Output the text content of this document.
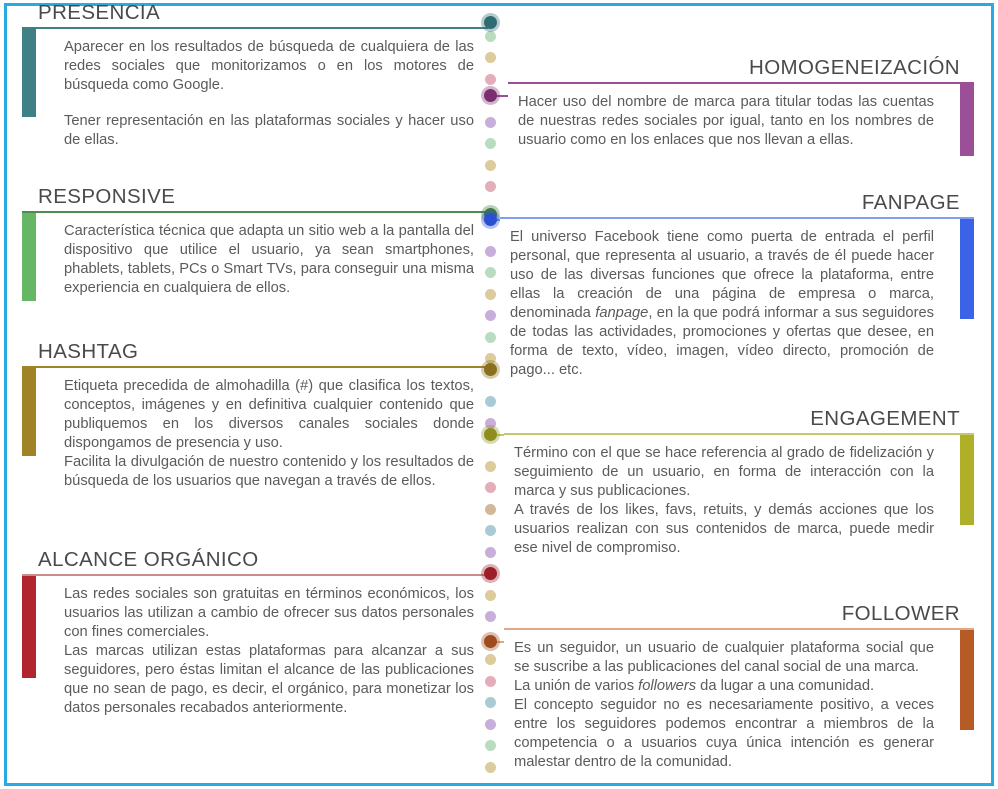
PRESENCIA

Aparecer en los resultados de búsqueda de cualquiera de las redes sociales que monitorizamos o en los motores de búsqueda como Google.

Tener representación en las plataformas sociales y hacer uso de ellas.

HOMOGENEIZACIÓN

Hacer uso del nombre de marca para titular todas las cuentas de nuestras redes sociales por igual, tanto en los nombres de usuario como en los enlaces que nos llevan a ellas.

RESPONSIVE

Característica técnica que adapta un sitio web a la pantalla del dispositivo que utilice el usuario, ya sean smartphones, phablets, tablets, PCs o Smart TVs, para conseguir una misma experiencia en cualquiera de ellos.

FANPAGE

El universo Facebook tiene como puerta de entrada el perfil personal, que representa al usuario, a través de él puede hacer uso de las diversas funciones que ofrece la plataforma, entre ellas la creación de una página de empresa o marca, denominada fanpage, en la que podrá informar a sus seguidores de todas las actividades, promociones y ofertas que desee, en forma de texto, vídeo, imagen, vídeo directo, promoción de pago... etc.

HASHTAG

Etiqueta precedida de almohadilla (#) que clasifica los textos, conceptos, imágenes y en definitiva cualquier contenido que publiquemos en los diversos canales sociales donde dispongamos de presencia y uso.

Facilita la divulgación de nuestro contenido y los resultados de búsqueda de los usuarios que navegan a través de ellos.

ENGAGEMENT

Término con el que se hace referencia al grado de fidelización y seguimiento de un usuario, en forma de interacción con la marca y sus publicaciones.

A través de los likes, favs, retuits, y demás acciones que los usuarios realizan con sus contenidos de marca, puede medir ese nivel de compromiso.

ALCANCE ORGÁNICO

Las redes sociales son gratuitas en términos económicos, los usuarios las utilizan a cambio de ofrecer sus datos personales con fines comerciales.

Las marcas utilizan estas plataformas para alcanzar a sus seguidores, pero éstas limitan el alcance de las publicaciones que no sean de pago, es decir, el orgánico, para monetizar los datos personales recabados anteriormente.

FOLLOWER

Es un seguidor, un usuario de cualquier plataforma social que se suscribe a las publicaciones del canal social de una marca.

La unión de varios followers da lugar a una comunidad.

El concepto seguidor no es necesariamente positivo, a veces entre los seguidores podemos encontrar a miembros de la competencia o a usuarios cuya única intención es generar malestar dentro de la comunidad.
